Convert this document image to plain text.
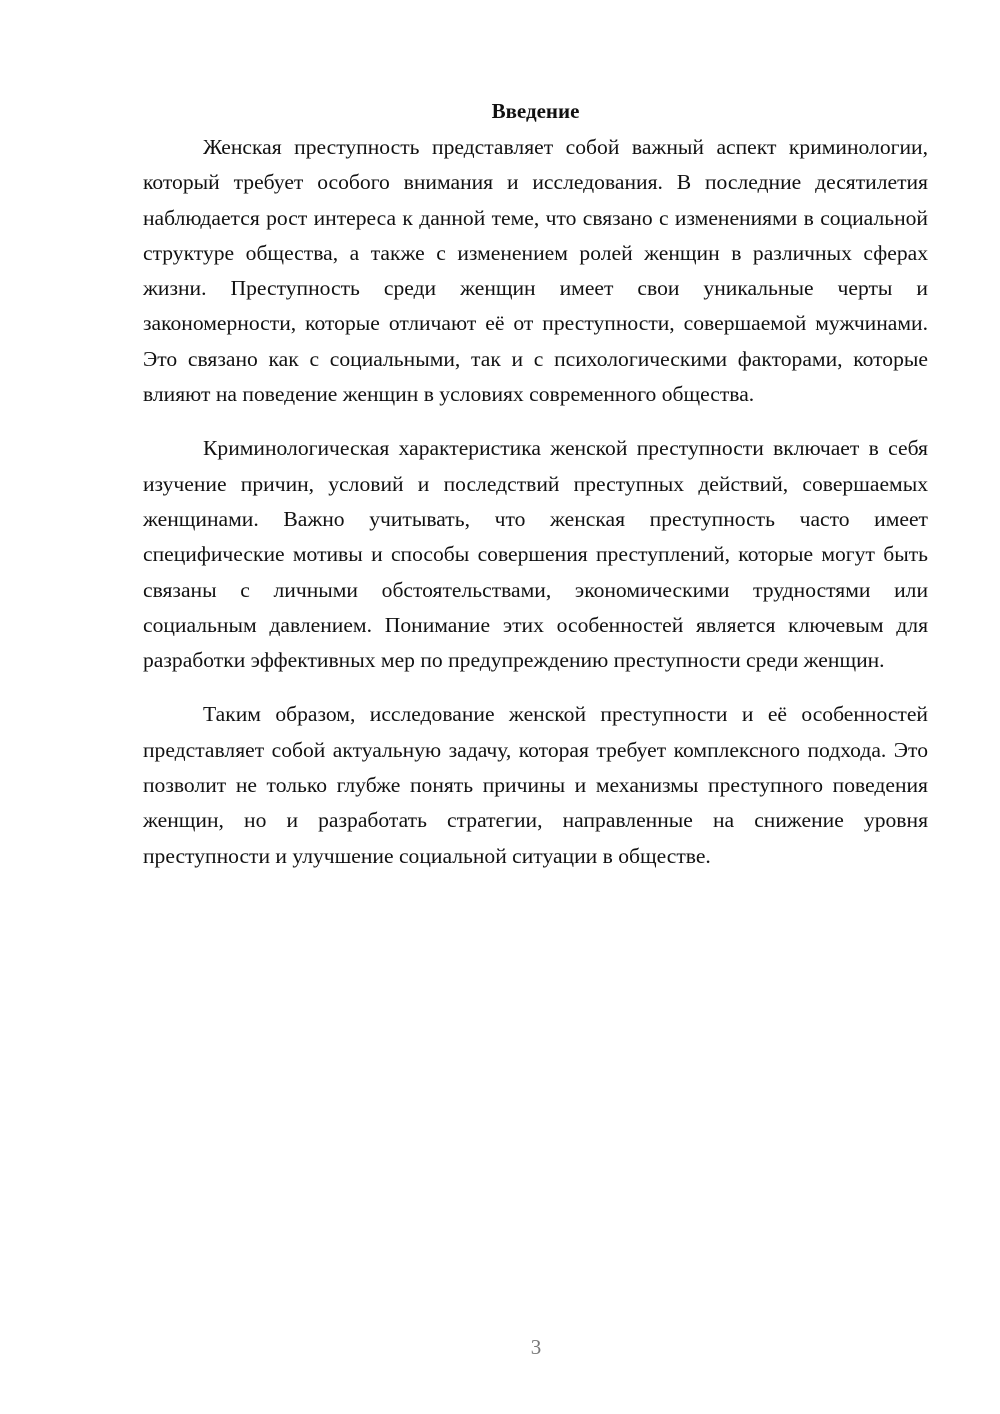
Введение

Женская преступность представляет собой важный аспект криминологии, который требует особого внимания и исследования. В последние десятилетия наблюдается рост интереса к данной теме, что связано с изменениями в социальной структуре общества, а также с изменением ролей женщин в различных сферах жизни. Преступность среди женщин имеет свои уникальные черты и закономерности, которые отличают её от преступности, совершаемой мужчинами. Это связано как с социальными, так и с психологическими факторами, которые влияют на поведение женщин в условиях современного общества.

Криминологическая характеристика женской преступности включает в себя изучение причин, условий и последствий преступных действий, совершаемых женщинами. Важно учитывать, что женская преступность часто имеет специфические мотивы и способы совершения преступлений, которые могут быть связаны с личными обстоятельствами, экономическими трудностями или социальным давлением. Понимание этих особенностей является ключевым для разработки эффективных мер по предупреждению преступности среди женщин.

Таким образом, исследование женской преступности и её особенностей представляет собой актуальную задачу, которая требует комплексного подхода. Это позволит не только глубже понять причины и механизмы преступного поведения женщин, но и разработать стратегии, направленные на снижение уровня преступности и улучшение социальной ситуации в обществе.

3
